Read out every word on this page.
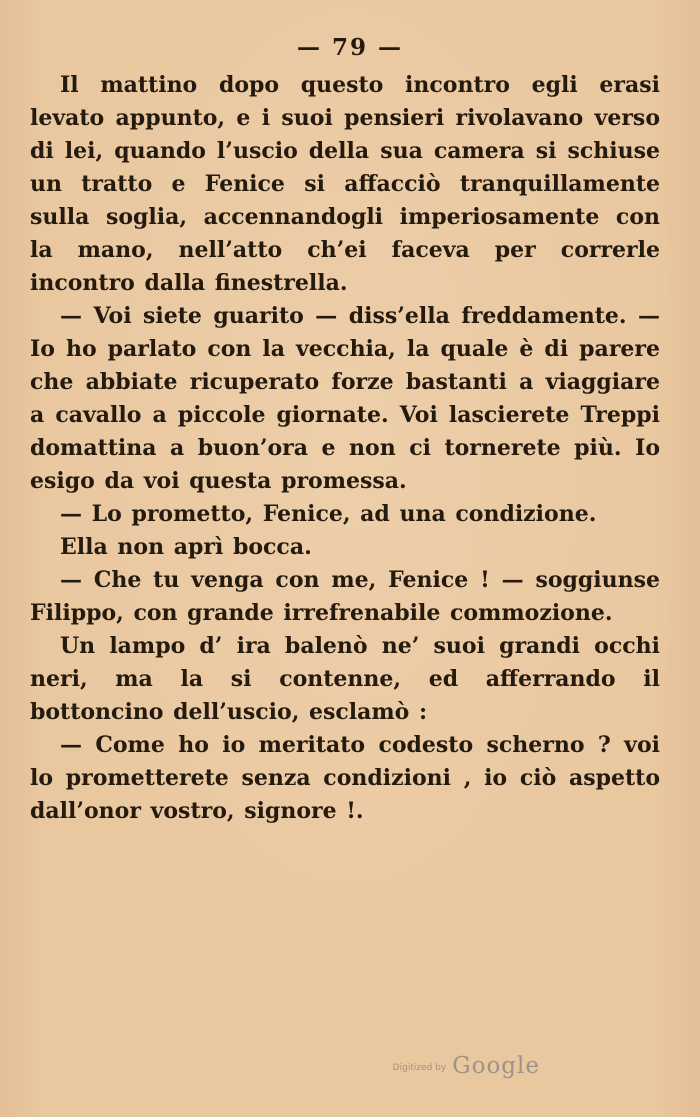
— 79 —

Il mattino dopo questo incontro egli erasi levato appunto, e i suoi pensieri rivolavano verso di lei, quando l’uscio della sua camera si schiuse un tratto e Fenice si affacciò tranquillamente sulla soglia, accennandogli imperiosamente con la mano, nell’atto ch’ei faceva per correrle incontro dalla finestrella.

— Voi siete guarito — diss’ella freddamente. — Io ho parlato con la vecchia, la quale è di parere che abbiate ricuperato forze bastanti a viaggiare a cavallo a piccole giornate. Voi lascierete Treppi domattina a buon’ora e non ci tornerete più. Io esigo da voi questa promessa.

— Lo prometto, Fenice, ad una condizione.

Ella non aprì bocca.

— Che tu venga con me, Fenice ! — soggiunse Filippo, con grande irrefrenabile commozione.

Un lampo d’ ira balenò ne’ suoi grandi occhi neri, ma la si contenne, ed afferrando il bottoncino dell’uscio, esclamò :

— Come ho io meritato codesto scherno ? voi lo prometterete senza condizioni , io ciò aspetto dall’onor vostro, signore !.

Digitized by Google
